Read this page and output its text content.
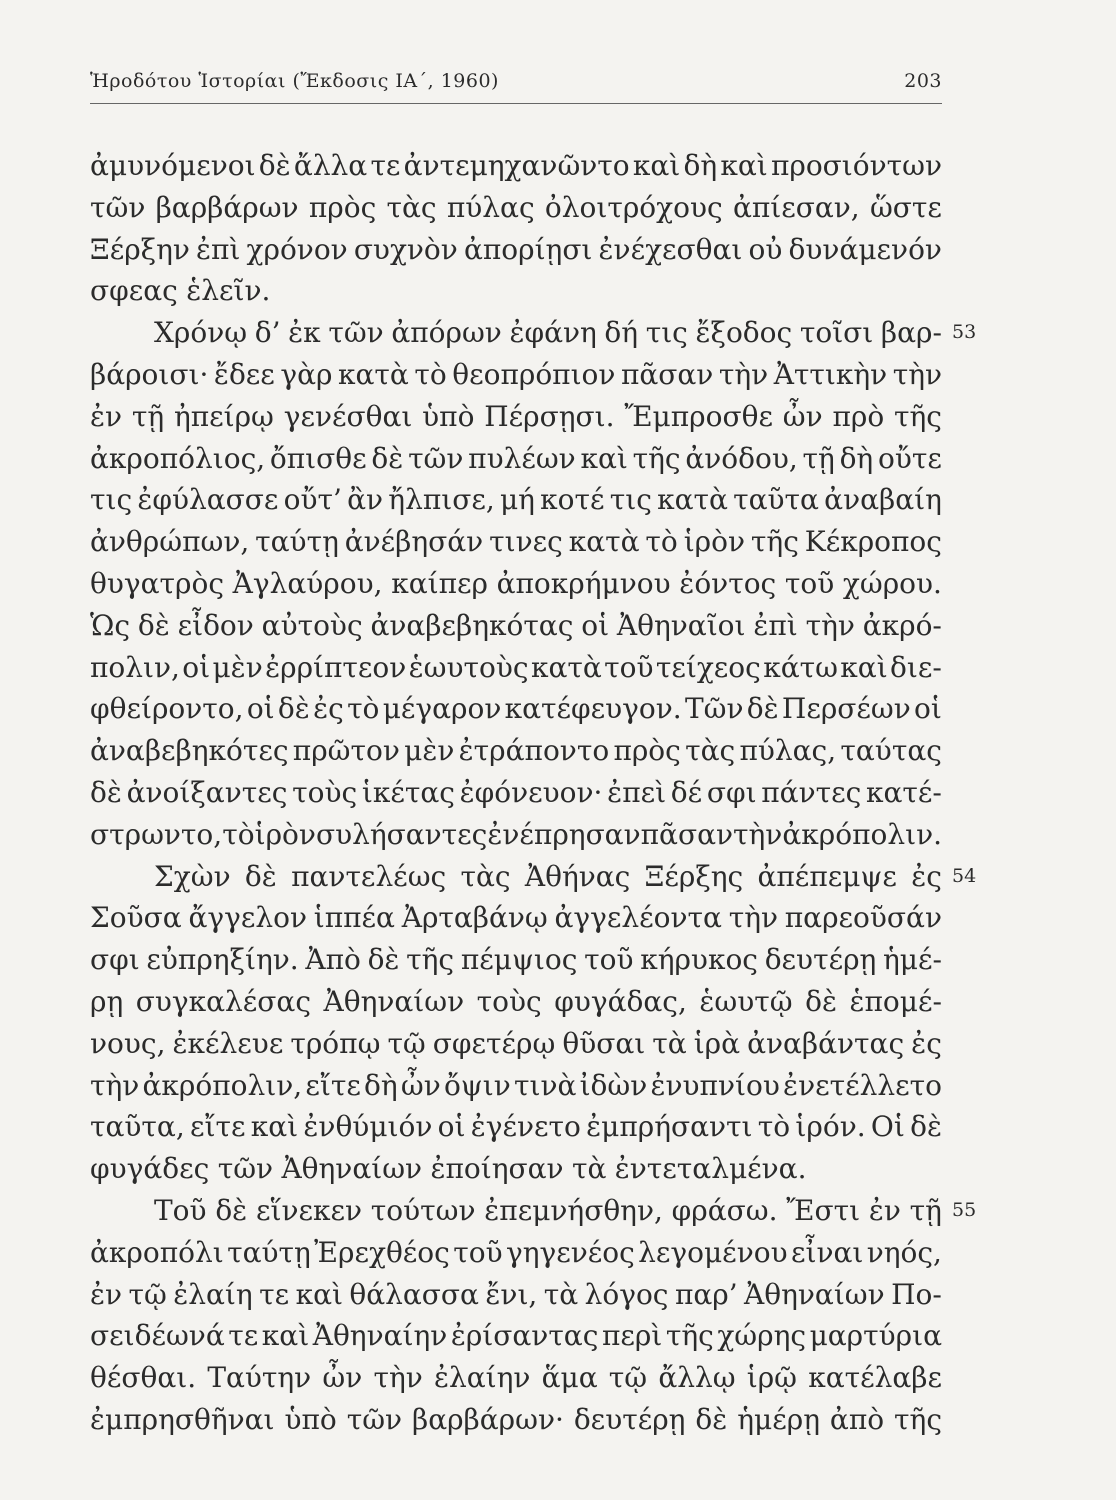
Ἡροδότου Ἱστορίαι (Ἔκδοσις ΙΑ΄, 1960)	203
ἀμυνόμενοι δὲ ἄλλα τε ἀντεμηχανῶντο καὶ δὴ καὶ προσιόντων
τῶν βαρβάρων πρὸς τὰς πύλας ὀλοιτρόχους ἀπίεσαν, ὥστε
Ξέρξην ἐπὶ χρόνον συχνὸν ἀπορίῃσι ἐνέχεσθαι οὐ δυνάμενόν
σφεας ἑλεῖν.
53
Χρόνῳ δ’ ἐκ τῶν ἀπόρων ἐφάνη δή τις ἔξοδος τοῖσι βαρ-
βάροισι· ἔδεε γὰρ κατὰ τὸ θεοπρόπιον πᾶσαν τὴν Ἀττικὴν τὴν
ἐν τῇ ἠπείρῳ γενέσθαι ὑπὸ Πέρσῃσι. Ἔμπροσθε ὦν πρὸ τῆς
ἀκροπόλιος, ὄπισθε δὲ τῶν πυλέων καὶ τῆς ἀνόδου, τῇ δὴ οὔτε
τις ἐφύλασσε οὔτ’ ἂν ἤλπισε, μή κοτέ τις κατὰ ταῦτα ἀναβαίη
ἀνθρώπων, ταύτῃ ἀνέβησάν τινες κατὰ τὸ ἱρὸν τῆς Κέκροπος
θυγατρὸς Ἀγλαύρου, καίπερ ἀποκρήμνου ἐόντος τοῦ χώρου.
Ὡς δὲ εἶδον αὐτοὺς ἀναβεβηκότας οἱ Ἀθηναῖοι ἐπὶ τὴν ἀκρό-
πολιν, οἱ μὲν ἐρρίπτεον ἑωυτοὺς κατὰ τοῦ τείχεος κάτω καὶ διε-
φθείροντο, οἱ δὲ ἐς τὸ μέγαρον κατέφευγον. Τῶν δὲ Περσέων οἱ
ἀναβεβηκότες πρῶτον μὲν ἐτράποντο πρὸς τὰς πύλας, ταύτας
δὲ ἀνοίξαντες τοὺς ἱκέτας ἐφόνευον· ἐπεὶ δέ σφι πάντες κατέ-
στρωντο, τὸ ἱρὸν συλήσαντες ἐνέπρησαν πᾶσαν τὴν ἀκρόπολιν.
54
Σχὼν δὲ παντελέως τὰς Ἀθήνας Ξέρξης ἀπέπεμψε ἐς
Σοῦσα ἄγγελον ἱππέα Ἀρταβάνῳ ἀγγελέοντα τὴν παρεοῦσάν
σφι εὐπρηξίην. Ἀπὸ δὲ τῆς πέμψιος τοῦ κήρυκος δευτέρῃ ἡμέ-
ρῃ συγκαλέσας Ἀθηναίων τοὺς φυγάδας, ἑωυτῷ δὲ ἑπομέ-
νους, ἐκέλευε τρόπῳ τῷ σφετέρῳ θῦσαι τὰ ἱρὰ ἀναβάντας ἐς
τὴν ἀκρόπολιν, εἴτε δὴ ὦν ὄψιν τινὰ ἰδὼν ἐνυπνίου ἐνετέλλετο
ταῦτα, εἴτε καὶ ἐνθύμιόν οἱ ἐγένετο ἐμπρήσαντι τὸ ἱρόν. Οἱ δὲ
φυγάδες τῶν Ἀθηναίων ἐποίησαν τὰ ἐντεταλμένα.
55
Τοῦ δὲ εἵνεκεν τούτων ἐπεμνήσθην, φράσω. Ἔστι ἐν τῇ
ἀκροπόλι ταύτῃ Ἐρεχθέος τοῦ γηγενέος λεγομένου εἶναι νηός,
ἐν τῷ ἐλαίη τε καὶ θάλασσα ἔνι, τὰ λόγος παρ’ Ἀθηναίων Πο-
σειδέωνά τε καὶ Ἀθηναίην ἐρίσαντας περὶ τῆς χώρης μαρτύρια
θέσθαι. Ταύτην ὦν τὴν ἐλαίην ἅμα τῷ ἄλλῳ ἱρῷ κατέλαβε
ἐμπρησθῆναι ὑπὸ τῶν βαρβάρων· δευτέρῃ δὲ ἡμέρῃ ἀπὸ τῆς
